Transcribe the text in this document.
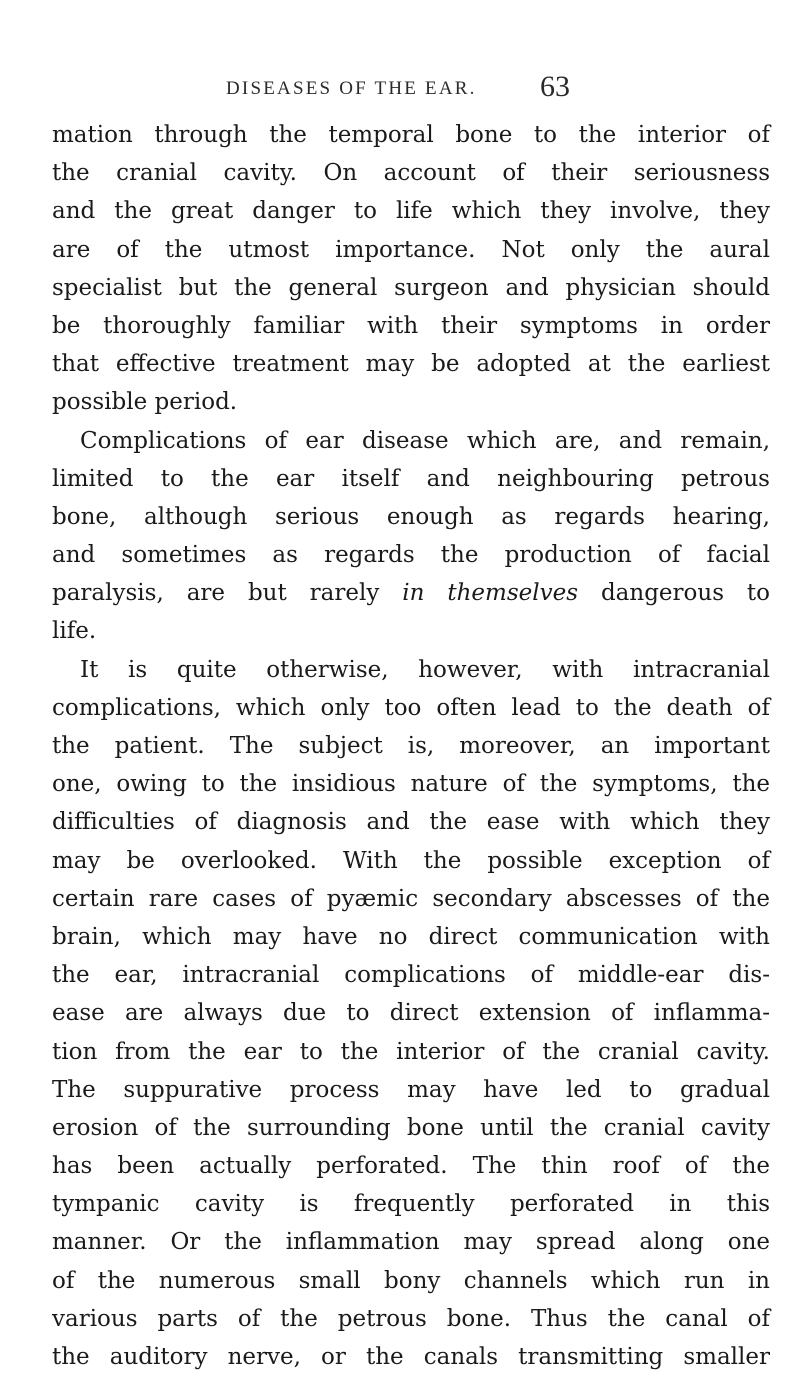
DISEASES OF THE EAR. 63
mation through the temporal bone to the interior of
the cranial cavity. On account of their seriousness
and the great danger to life which they involve, they
are of the utmost importance. Not only the aural
specialist but the general surgeon and physician should
be thoroughly familiar with their symptoms in order
that effective treatment may be adopted at the earliest
possible period.
Complications of ear disease which are, and remain,
limited to the ear itself and neighbouring petrous
bone, although serious enough as regards hearing,
and sometimes as regards the production of facial
paralysis, are but rarely in themselves dangerous to
life.
It is quite otherwise, however, with intracranial
complications, which only too often lead to the death of
the patient. The subject is, moreover, an important
one, owing to the insidious nature of the symptoms, the
difficulties of diagnosis and the ease with which they
may be overlooked. With the possible exception of
certain rare cases of pyæmic secondary abscesses of the
brain, which may have no direct communication with
the ear, intracranial complications of middle-ear dis-
ease are always due to direct extension of inflamma-
tion from the ear to the interior of the cranial cavity.
The suppurative process may have led to gradual
erosion of the surrounding bone until the cranial cavity
has been actually perforated. The thin roof of the
tympanic cavity is frequently perforated in this
manner. Or the inflammation may spread along one
of the numerous small bony channels which run in
various parts of the petrous bone. Thus the canal of
the auditory nerve, or the canals transmitting smaller
